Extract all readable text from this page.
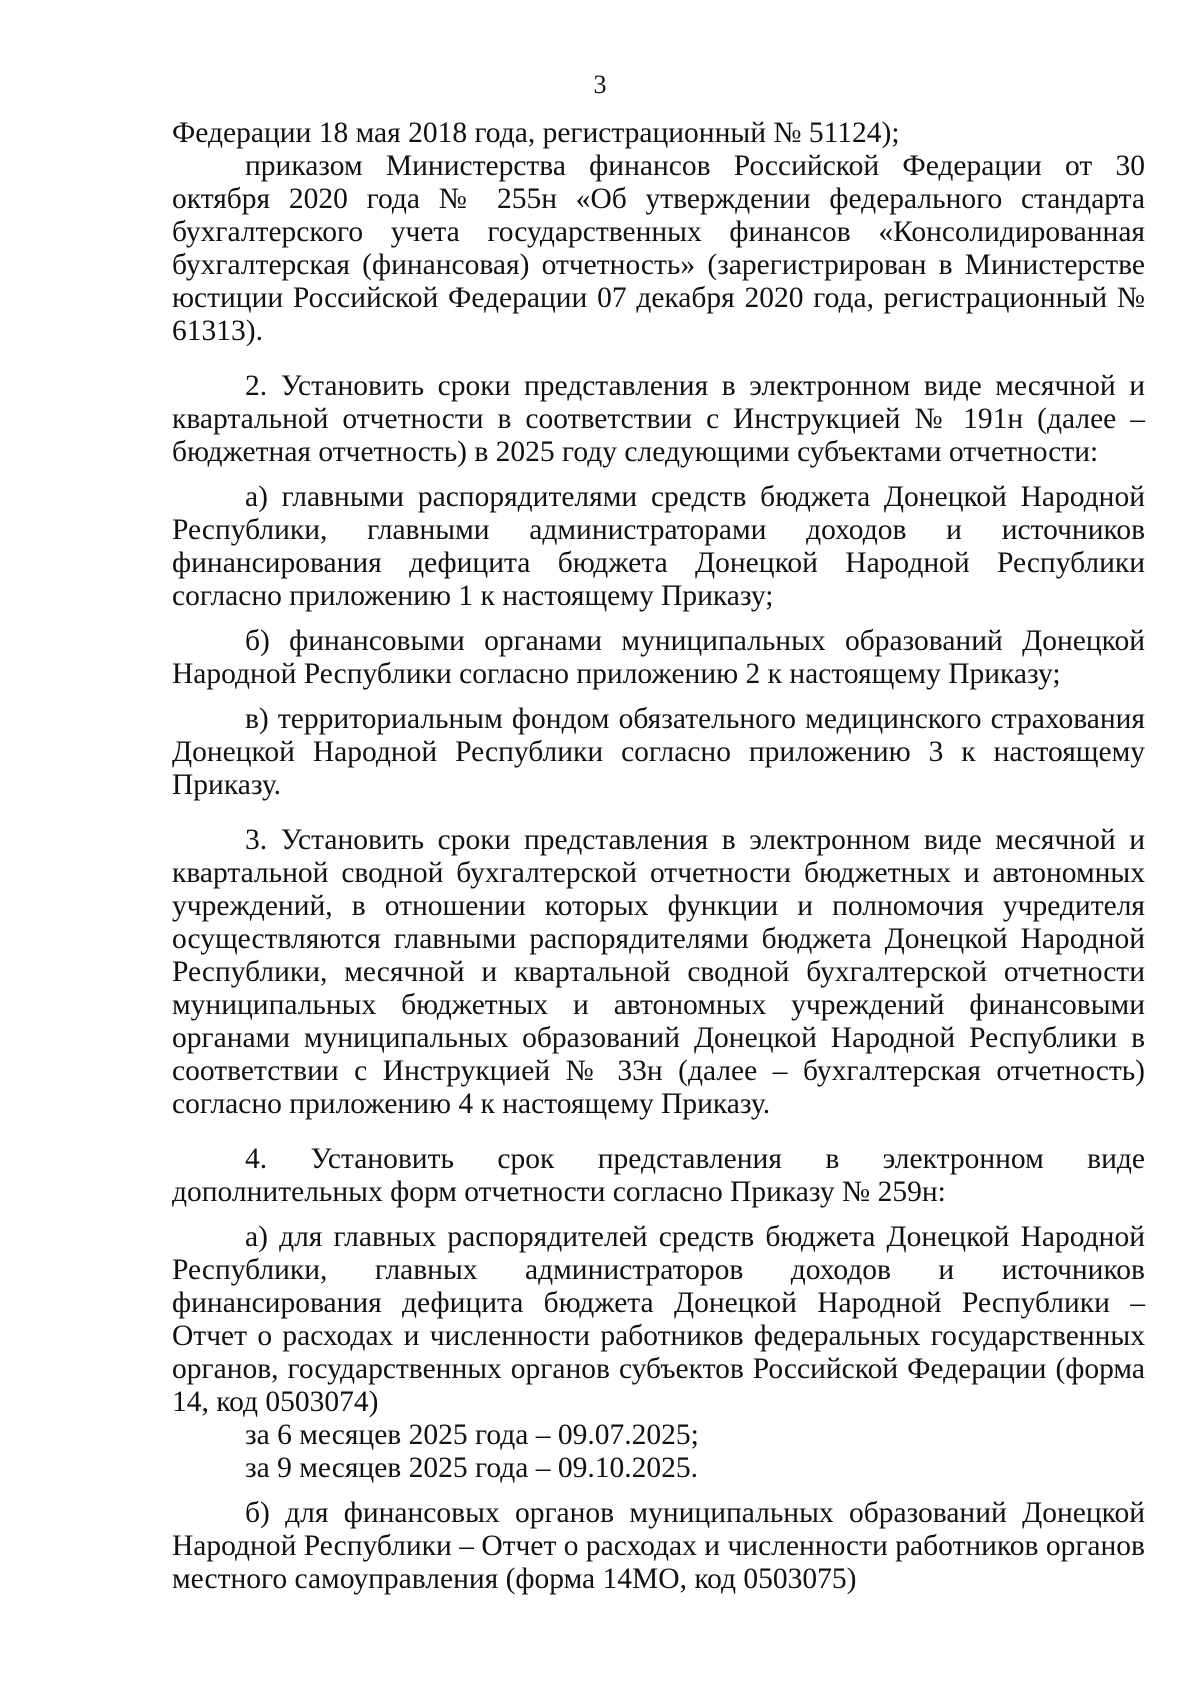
3

Федерации 18 мая 2018 года, регистрационный № 51124);

приказом Министерства финансов Российской Федерации от 30 октября 2020 года № 255н «Об утверждении федерального стандарта бухгалтерского учета государственных финансов «Консолидированная бухгалтерская (финансовая) отчетность» (зарегистрирован в Министерстве юстиции Российской Федерации 07 декабря 2020 года, регистрационный № 61313).

2. Установить сроки представления в электронном виде месячной и квартальной отчетности в соответствии с Инструкцией № 191н (далее – бюджетная отчетность) в 2025 году следующими субъектами отчетности:

а) главными распорядителями средств бюджета Донецкой Народной Республики, главными администраторами доходов и источников финансирования дефицита бюджета Донецкой Народной Республики согласно приложению 1 к настоящему Приказу;

б) финансовыми органами муниципальных образований Донецкой Народной Республики согласно приложению 2 к настоящему Приказу;

в) территориальным фондом обязательного медицинского страхования Донецкой Народной Республики согласно приложению 3 к настоящему Приказу.

3. Установить сроки представления в электронном виде месячной и квартальной сводной бухгалтерской отчетности бюджетных и автономных учреждений, в отношении которых функции и полномочия учредителя осуществляются главными распорядителями бюджета Донецкой Народной Республики, месячной и квартальной сводной бухгалтерской отчетности муниципальных бюджетных и автономных учреждений финансовыми органами муниципальных образований Донецкой Народной Республики в соответствии с Инструкцией № 33н (далее – бухгалтерская отчетность) согласно приложению 4 к настоящему Приказу.

4. Установить срок представления в электронном виде дополнительных форм отчетности согласно Приказу № 259н:

а) для главных распорядителей средств бюджета Донецкой Народной Республики, главных администраторов доходов и источников финансирования дефицита бюджета Донецкой Народной Республики – Отчет о расходах и численности работников федеральных государственных органов, государственных органов субъектов Российской Федерации (форма 14, код 0503074)

за 6 месяцев 2025 года – 09.07.2025;

за 9 месяцев 2025 года – 09.10.2025.

б) для финансовых органов муниципальных образований Донецкой Народной Республики – Отчет о расходах и численности работников органов местного самоуправления (форма 14МО, код 0503075)
